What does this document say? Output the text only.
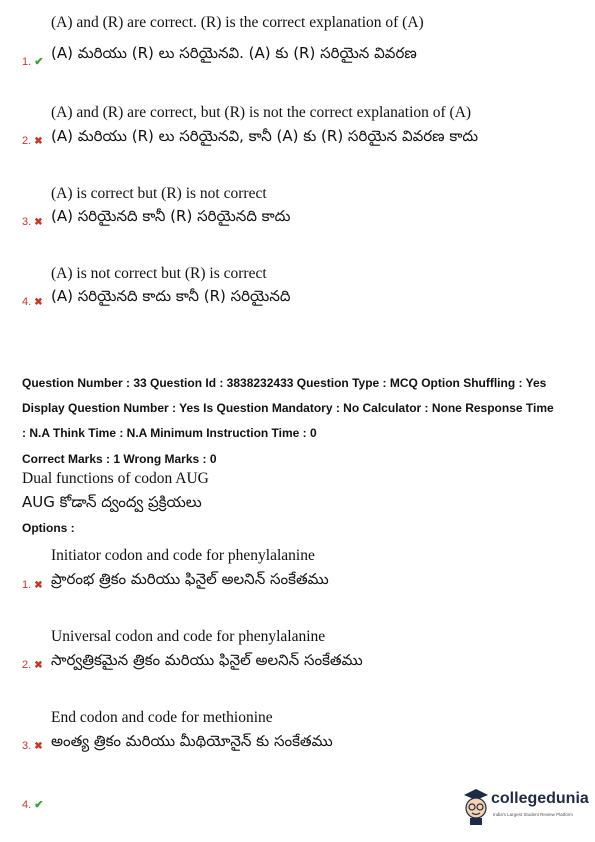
(A) and (R) are correct. (R) is the correct explanation of (A)
1. ✔ (A) మరియు (R) లు సరియైనవి. (A) కు (R) సరియైన వివరణ
(A) and (R) are correct, but (R) is not the correct explanation of (A)
2. ✖ (A) మరియు (R) లు సరియైనవి, కానీ (A) కు (R) సరియైన వివరణ కాదు
(A) is correct but (R) is not correct
3. ✖ (A) సరియైనది కానీ (R) సరియైనది కాదు
(A) is not correct but (R) is correct
4. ✖ (A) సరియైనది కాదు కానీ (R) సరియైనది
Question Number : 33 Question Id : 3838232433 Question Type : MCQ Option Shuffling : Yes
Display Question Number : Yes Is Question Mandatory : No Calculator : None Response Time
: N.A Think Time : N.A Minimum Instruction Time : 0
Correct Marks : 1 Wrong Marks : 0
Dual functions of codon AUG
AUG కోడాన్ ద్వంద్వ ప్రక్రియలు
Options :
Initiator codon and code for phenylalanine
1. ✖ ప్రారంభ త్రికం మరియు ఫినైల్ అలనిన్ సంకేతము
Universal codon and code for phenylalanine
2. ✖ సార్వత్రికమైన త్రికం మరియు ఫినైల్ అలనిన్ సంకేతము
End codon and code for methionine
3. ✖ అంత్య త్రికం మరియు మీథియోనైన్ కు సంకేతము
4. ✔	collegedunia
India's Largest Student Review Platform
